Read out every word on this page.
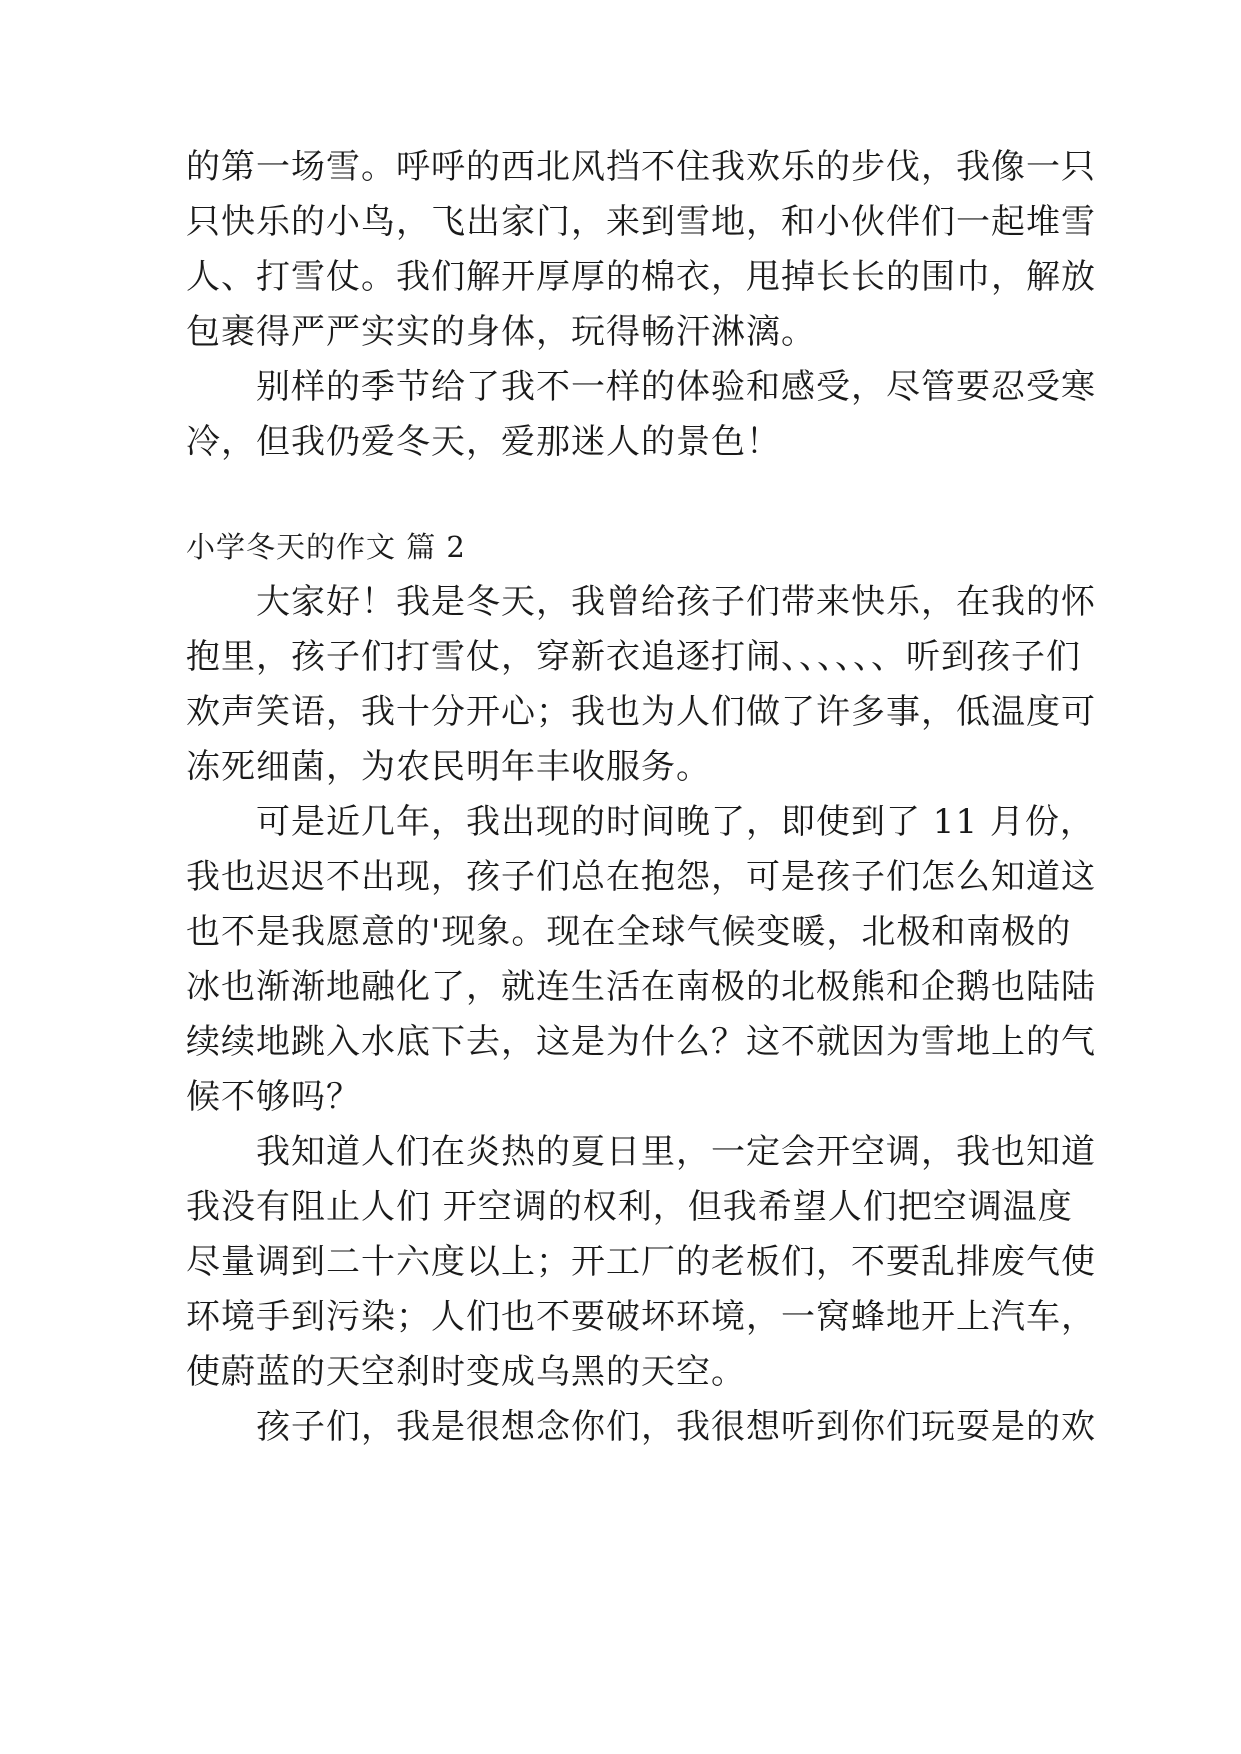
的第一场雪。呼呼的西北风挡不住我欢乐的步伐，我像一只
只快乐的小鸟，飞出家门，来到雪地，和小伙伴们一起堆雪
人、打雪仗。我们解开厚厚的棉衣，甩掉长长的围巾，解放
包裹得严严实实的身体，玩得畅汗淋漓。
别样的季节给了我不一样的体验和感受，尽管要忍受寒
冷，但我仍爱冬天，爱那迷人的景色！
小学冬天的作文 篇 2
大家好！我是冬天，我曾给孩子们带来快乐，在我的怀
抱里，孩子们打雪仗，穿新衣追逐打闹、、、、、、听到孩子们
欢声笑语，我十分开心；我也为人们做了许多事，低温度可
冻死细菌，为农民明年丰收服务。
可是近几年，我出现的时间晚了，即使到了 11 月份，
我也迟迟不出现，孩子们总在抱怨，可是孩子们怎么知道这
也不是我愿意的'现象。现在全球气候变暖，北极和南极的
冰也渐渐地融化了，就连生活在南极的北极熊和企鹅也陆陆
续续地跳入水底下去，这是为什么？这不就因为雪地上的气
候不够吗？
我知道人们在炎热的夏日里，一定会开空调，我也知道
我没有阻止人们 开空调的权利，但我希望人们把空调温度
尽量调到二十六度以上；开工厂的老板们，不要乱排废气使
环境手到污染；人们也不要破坏环境，一窝蜂地开上汽车，
使蔚蓝的天空刹时变成乌黑的天空。
孩子们，我是很想念你们，我很想听到你们玩耍是的欢
